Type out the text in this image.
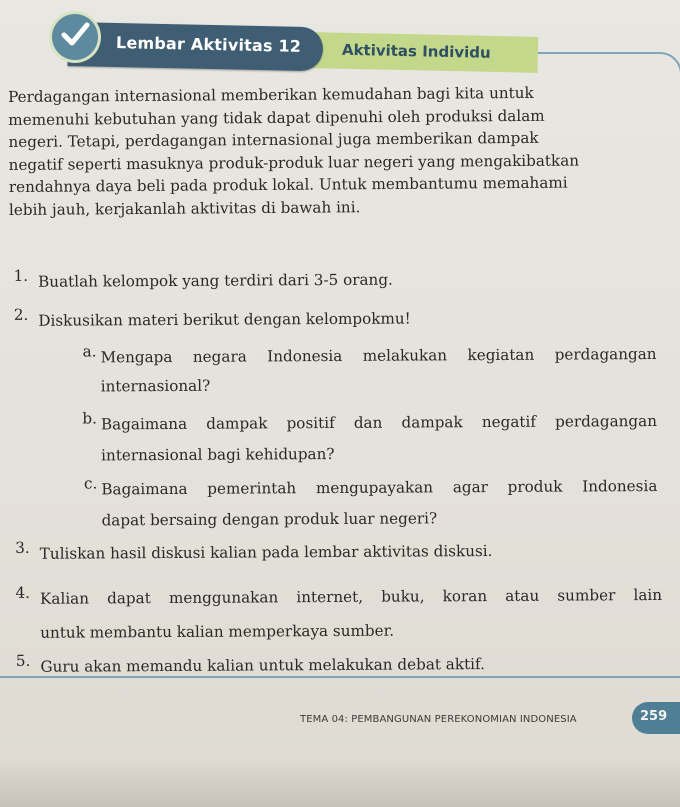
Aktivitas Individu
Lembar Aktivitas 12

Perdagangan internasional memberikan kemudahan bagi kita untuk

memenuhi kebutuhan yang tidak dapat dipenuhi oleh produksi dalam

negeri. Tetapi, perdagangan internasional juga memberikan dampak

negatif seperti masuknya produk-produk luar negeri yang mengakibatkan

rendahnya daya beli pada produk lokal. Untuk membantumu memahami

lebih jauh, kerjakanlah aktivitas di bawah ini.

1. Buatlah kelompok yang terdiri dari 3-5 orang.
2. Diskusikan materi berikut dengan kelompokmu!
a. Mengapa negara Indonesia melakukan kegiatan perdagangan
internasional?
b. Bagaimana dampak positif dan dampak negatif perdagangan
internasional bagi kehidupan?
c. Bagaimana pemerintah mengupayakan agar produk Indonesia
dapat bersaing dengan produk luar negeri?
3. Tuliskan hasil diskusi kalian pada lembar aktivitas diskusi.
4. Kalian dapat menggunakan internet, buku, koran atau sumber lain
untuk membantu kalian memperkaya sumber.
5. Guru akan memandu kalian untuk melakukan debat aktif.
TEMA 04: PEMBANGUNAN PEREKONOMIAN INDONESIA	259
